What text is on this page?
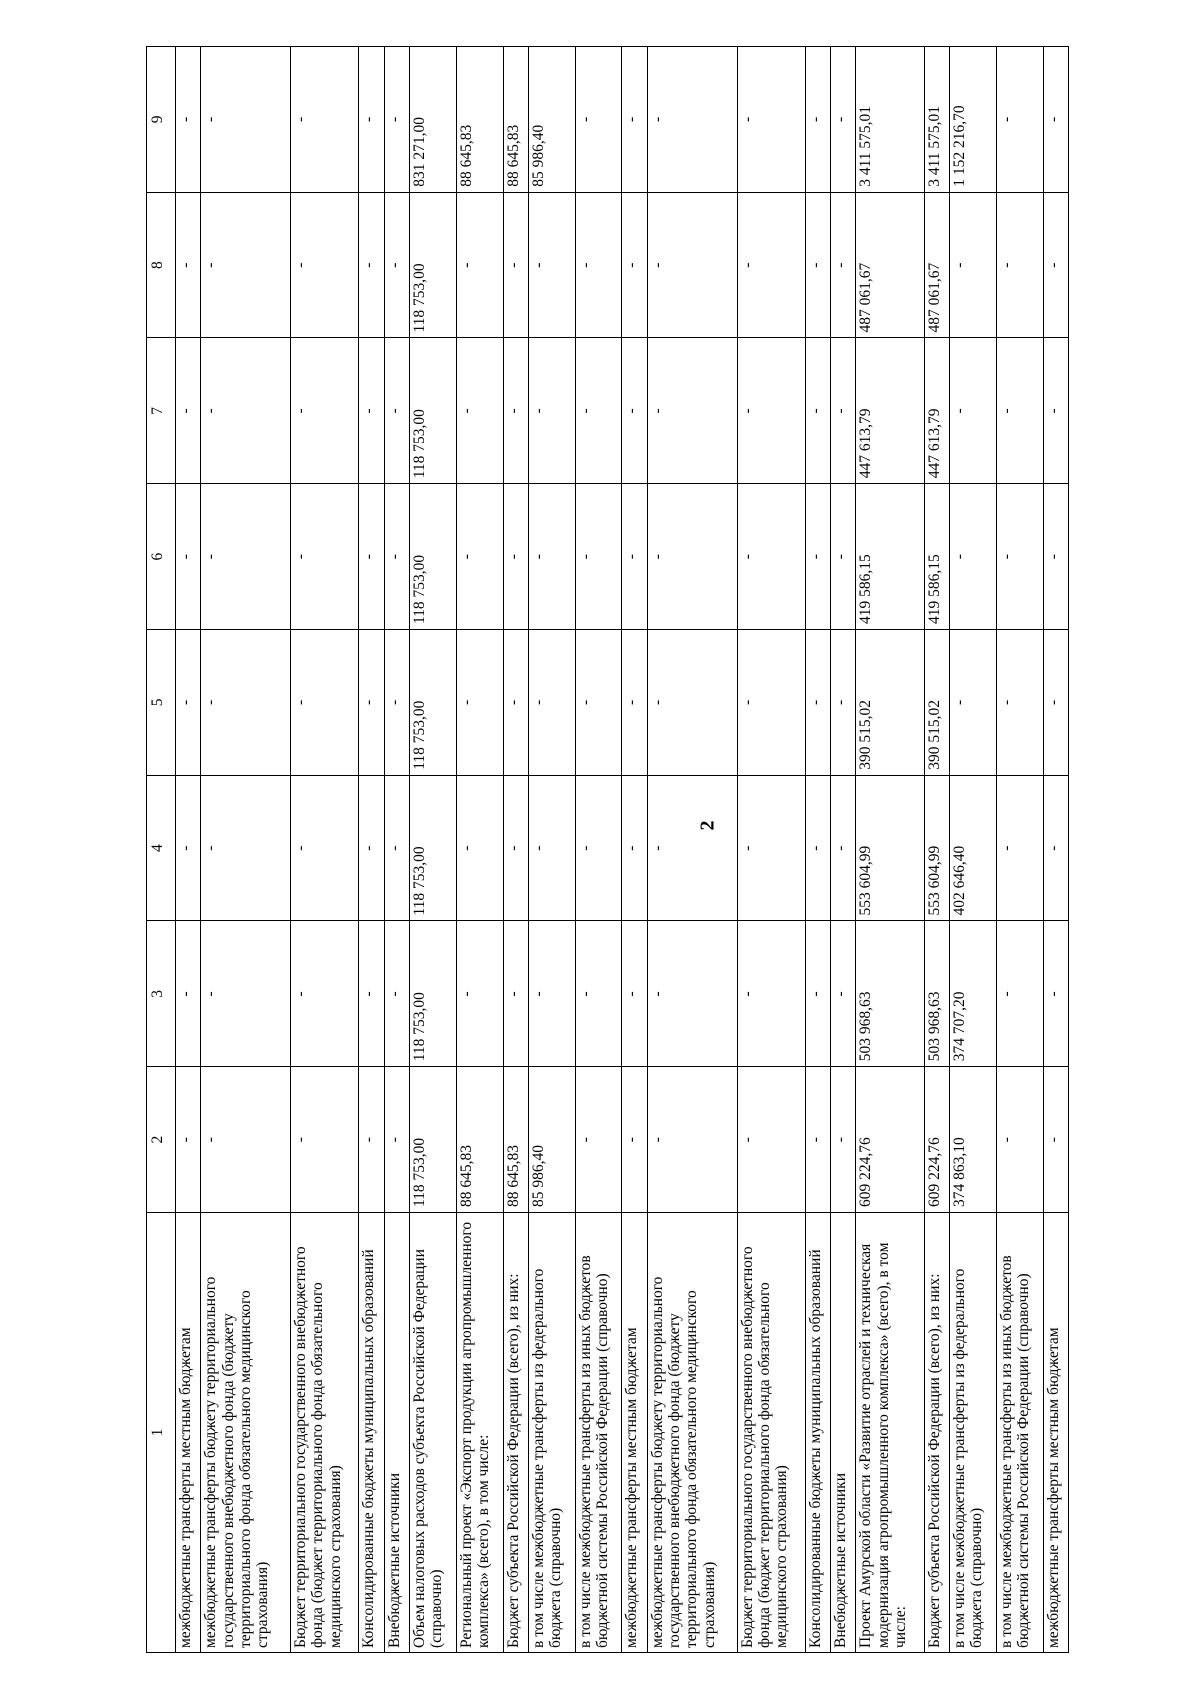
2
1	2	3	4	5	6	7	8	9
межбюджетные трансферты местным бюджетам	-	-	-	-	-	-	-	-
межбюджетные трансферты бюджету территориального государственного внебюджетного фонда (бюджету территориального фонда обязательного медицинского страхования)	-	-	-	-	-	-	-	-
Бюджет территориального государственного внебюджетного фонда (бюджет территориального фонда обязательного медицинского страхования)	-	-	-	-	-	-	-	-
Консолидированные бюджеты муниципальных образований	-	-	-	-	-	-	-	-
Внебюджетные источники	-	-	-	-	-	-	-	-
Объем налоговых расходов субъекта Российской Федерации (справочно)	118 753,00	118 753,00	118 753,00	118 753,00	118 753,00	118 753,00	118 753,00	831 271,00
Региональный проект «Экспорт продукции агропромышленного комплекса» (всего), в том числе:	88 645,83	-	-	-	-	-	-	88 645,83
Бюджет субъекта Российской Федерации (всего), из них:	88 645,83	-	-	-	-	-	-	88 645,83
в том числе межбюджетные трансферты из федерального бюджета (справочно)	85 986,40	-	-	-	-	-	-	85 986,40
в том числе межбюджетные трансферты из иных бюджетов бюджетной системы Российской Федерации (справочно)	-	-	-	-	-	-	-	-
межбюджетные трансферты местным бюджетам	-	-	-	-	-	-	-	-
межбюджетные трансферты бюджету территориального государственного внебюджетного фонда (бюджету территориального фонда обязательного медицинского страхования)	-	-	-	-	-	-	-	-
Бюджет территориального государственного внебюджетного фонда (бюджет территориального фонда обязательного медицинского страхования)	-	-	-	-	-	-	-	-
Консолидированные бюджеты муниципальных образований	-	-	-	-	-	-	-	-
Внебюджетные источники	-	-	-	-	-	-	-	-
Проект Амурской области «Развитие отраслей и техническая модернизация агропромышленного комплекса» (всего), в том числе:	609 224,76	503 968,63	553 604,99	390 515,02	419 586,15	447 613,79	487 061,67	3 411 575,01
Бюджет субъекта Российской Федерации (всего), из них:	609 224,76	503 968,63	553 604,99	390 515,02	419 586,15	447 613,79	487 061,67	3 411 575,01
в том числе межбюджетные трансферты из федерального бюджета (справочно)	374 863,10	374 707,20	402 646,40	-	-	-	-	1 152 216,70
в том числе межбюджетные трансферты из иных бюджетов бюджетной системы Российской Федерации (справочно)	-	-	-	-	-	-	-	-
межбюджетные трансферты местным бюджетам	-	-	-	-	-	-	-	-
